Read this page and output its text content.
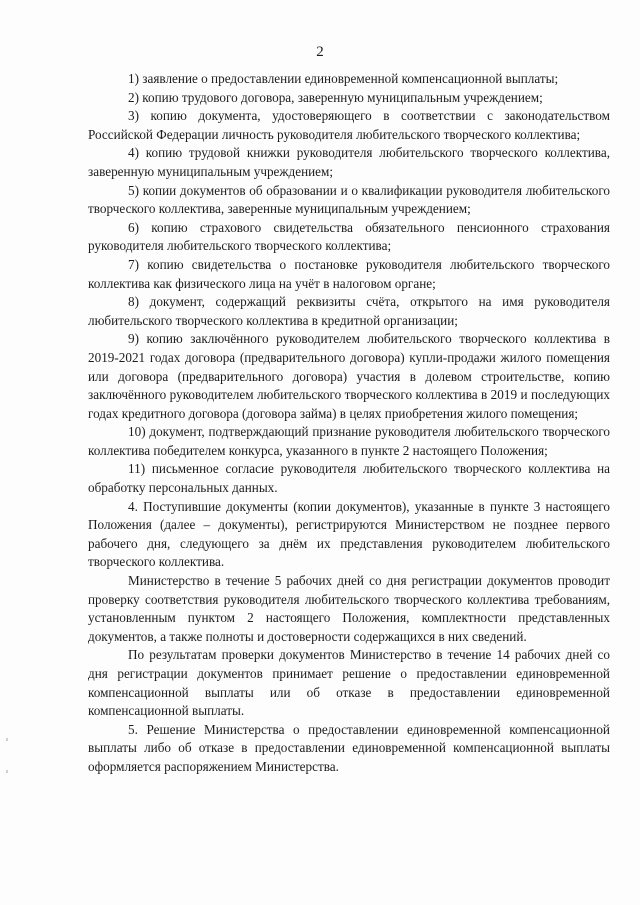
2

1) заявление о предоставлении единовременной компенсационной выплаты;

2) копию трудового договора, заверенную муниципальным учреждением;

3) копию документа, удостоверяющего в соответствии с законодательством Российской Федерации личность руководителя любительского творческого коллектива;

4) копию трудовой книжки руководителя любительского творческого коллектива, заверенную муниципальным учреждением;

5) копии документов об образовании и о квалификации руководителя любительского творческого коллектива, заверенные муниципальным учреждением;

6) копию страхового свидетельства обязательного пенсионного страхования руководителя любительского творческого коллектива;

7) копию свидетельства о постановке руководителя любительского творческого коллектива как физического лица на учёт в налоговом органе;

8) документ, содержащий реквизиты счёта, открытого на имя руководителя любительского творческого коллектива в кредитной организации;

9) копию заключённого руководителем любительского творческого коллектива в 2019-2021 годах договора (предварительного договора) купли-продажи жилого помещения или договора (предварительного договора) участия в долевом строительстве, копию заключённого руководителем любительского творческого коллектива в 2019 и последующих годах кредитного договора (договора займа) в целях приобретения жилого помещения;

10) документ, подтверждающий признание руководителя любительского творческого коллектива победителем конкурса, указанного в пункте 2 настоящего Положения;

11) письменное согласие руководителя любительского творческого коллектива на обработку персональных данных.

4. Поступившие документы (копии документов), указанные в пункте 3 настоящего Положения (далее – документы), регистрируются Министерством не позднее первого рабочего дня, следующего за днём их представления руководителем любительского творческого коллектива.

Министерство в течение 5 рабочих дней со дня регистрации документов проводит проверку соответствия руководителя любительского творческого коллектива требованиям, установленным пунктом 2 настоящего Положения, комплектности представленных документов, а также полноты и достоверности содержащихся в них сведений.

По результатам проверки документов Министерство в течение 14 рабочих дней со дня регистрации документов принимает решение о предоставлении единовременной компенсационной выплаты или об отказе в предоставлении единовременной компенсационной выплаты.

5. Решение Министерства о предоставлении единовременной компенсационной выплаты либо об отказе в предоставлении единовременной компенсационной выплаты оформляется распоряжением Министерства.
